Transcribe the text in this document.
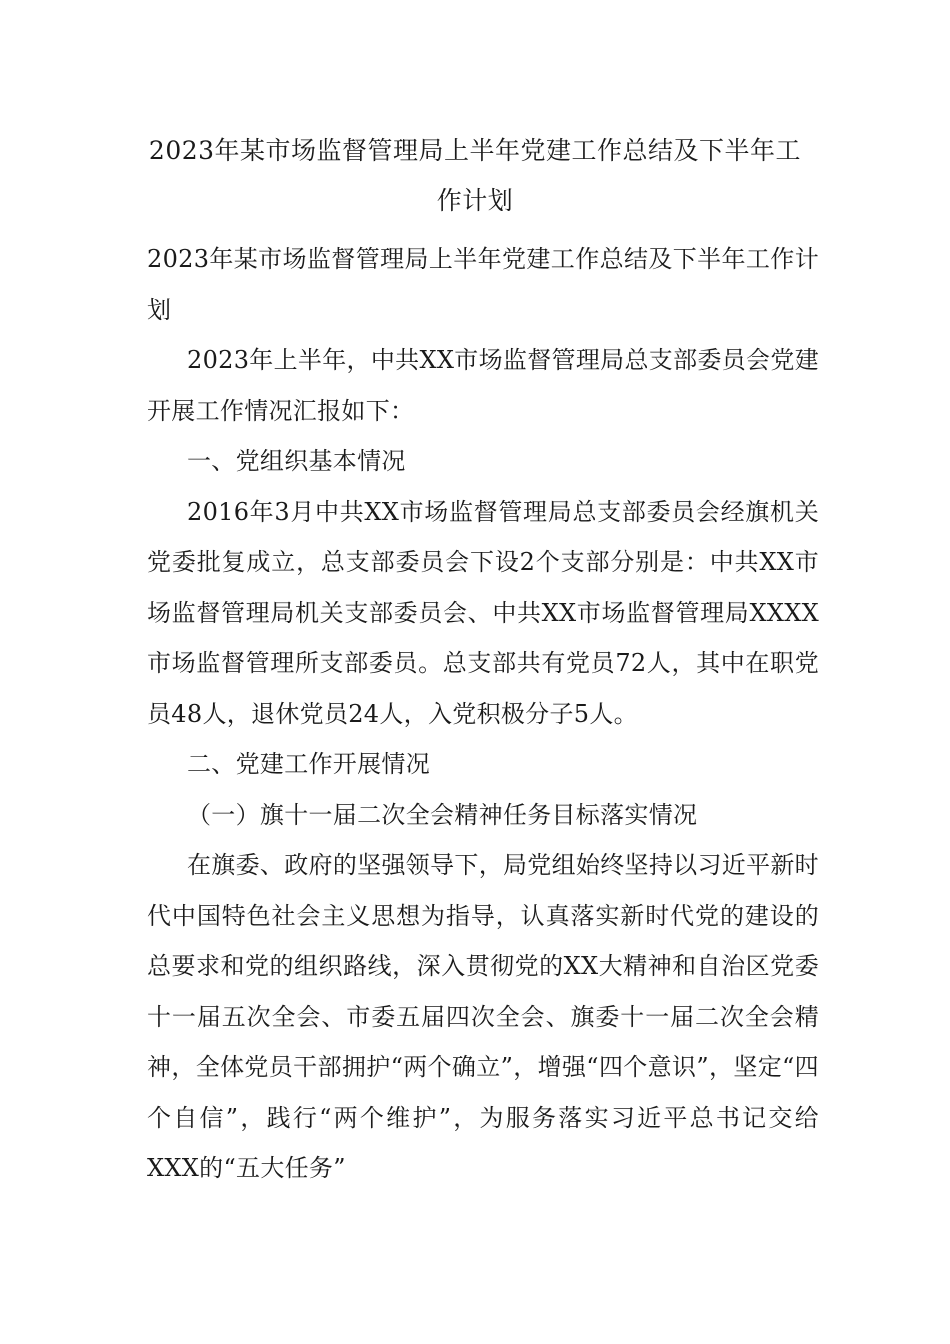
2023年某市场监督管理局上半年党建工作总结及下半年工
作计划

2023年某市场监督管理局上半年党建工作总结及下半年工作计划

2023年上半年，中共XX市场监督管理局总支部委员会党建开展工作情况汇报如下：

一、党组织基本情况

2016年3月中共XX市场监督管理局总支部委员会经旗机关党委批复成立，总支部委员会下设2个支部分别是：中共XX市场监督管理局机关支部委员会、中共XX市场监督管理局XXXX市场监督管理所支部委员。总支部共有党员72人，其中在职党员48人，退休党员24人，入党积极分子5人。

二、党建工作开展情况

（一）旗十一届二次全会精神任务目标落实情况

在旗委、政府的坚强领导下，局党组始终坚持以习近平新时代中国特色社会主义思想为指导，认真落实新时代党的建设的总要求和党的组织路线，深入贯彻党的XX大精神和自治区党委十一届五次全会、市委五届四次全会、旗委十一届二次全会精神，全体党员干部拥护“两个确立”，增强“四个意识”，坚定“四个自信”，践行“两个维护”，为服务落实习近平总书记交给XXX的“五大任务”
